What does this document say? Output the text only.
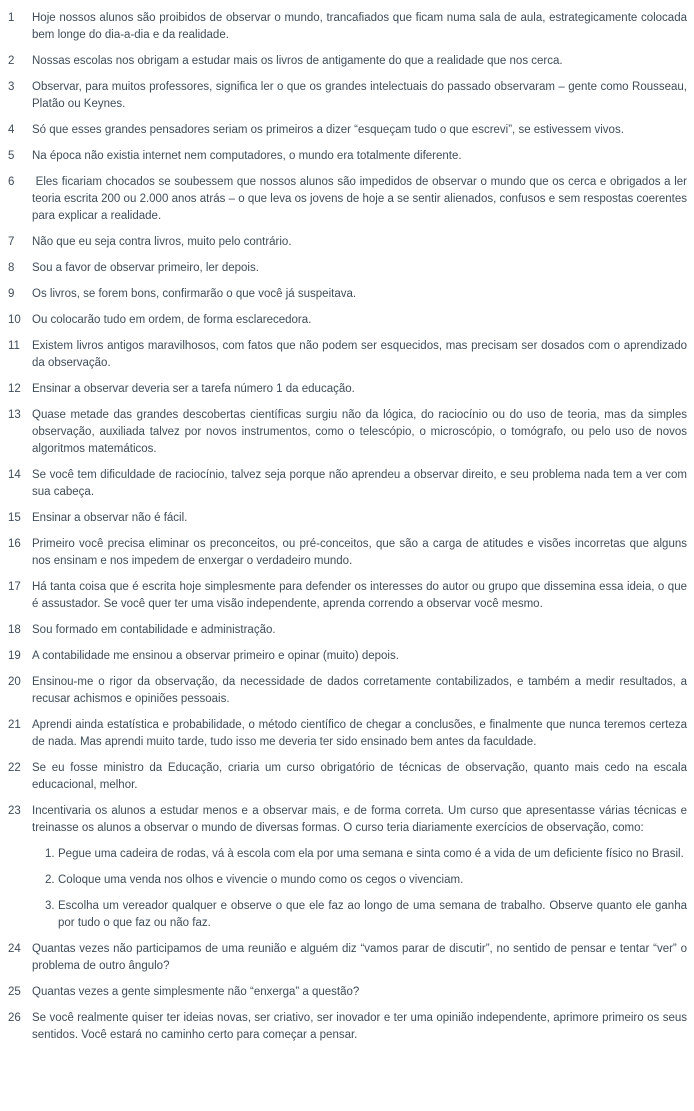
1	Hoje nossos alunos são proibidos de observar o mundo, trancafiados que ficam numa sala de aula, estrategicamente colocada bem longe do dia-a-dia e da realidade.
2	Nossas escolas nos obrigam a estudar mais os livros de antigamente do que a realidade que nos cerca.
3	Observar, para muitos professores, significa ler o que os grandes intelectuais do passado observaram – gente como Rousseau, Platão ou Keynes.
4	Só que esses grandes pensadores seriam os primeiros a dizer “esqueçam tudo o que escrevi”, se estivessem vivos.
5	Na época não existia internet nem computadores, o mundo era totalmente diferente.
6	Eles ficariam chocados se soubessem que nossos alunos são impedidos de observar o mundo que os cerca e obrigados a ler teoria escrita 200 ou 2.000 anos atrás – o que leva os jovens de hoje a se sentir alienados, confusos e sem respostas coerentes para explicar a realidade.
7	Não que eu seja contra livros, muito pelo contrário.
8	Sou a favor de observar primeiro, ler depois.
9	Os livros, se forem bons, confirmarão o que você já suspeitava.
10 Ou colocarão tudo em ordem, de forma esclarecedora.
11	Existem livros antigos maravilhosos, com fatos que não podem ser esquecidos, mas precisam ser dosados com o aprendizado da observação.
12 Ensinar a observar deveria ser a tarefa número 1 da educação.
13 Quase metade das grandes descobertas científicas surgiu não da lógica, do raciocínio ou do uso de teoria, mas da simples observação, auxiliada talvez por novos instrumentos, como o telescópio, o microscópio, o tomógrafo, ou pelo uso de novos algoritmos matemáticos.
14 Se você tem dificuldade de raciocínio, talvez seja porque não aprendeu a observar direito, e seu problema nada tem a ver com sua cabeça.
15 Ensinar a observar não é fácil.
16 Primeiro você precisa eliminar os preconceitos, ou pré-conceitos, que são a carga de atitudes e visões incorretas que alguns nos ensinam e nos impedem de enxergar o verdadeiro mundo.
17 Há tanta coisa que é escrita hoje simplesmente para defender os interesses do autor ou grupo que dissemina essa ideia, o que é assustador. Se você quer ter uma visão independente, aprenda correndo a observar você mesmo.
18 Sou formado em contabilidade e administração.
19 A contabilidade me ensinou a observar primeiro e opinar (muito) depois.
20 Ensinou-me o rigor da observação, da necessidade de dados corretamente contabilizados, e também a medir resultados, a recusar achismos e opiniões pessoais.
21 Aprendi ainda estatística e probabilidade, o método científico de chegar a conclusões, e finalmente que nunca teremos certeza de nada. Mas aprendi muito tarde, tudo isso me deveria ter sido ensinado bem antes da faculdade.
22 Se eu fosse ministro da Educação, criaria um curso obrigatório de técnicas de observação, quanto mais cedo na escala educacional, melhor.
23 Incentivaria os alunos a estudar menos e a observar mais, e de forma correta. Um curso que apresentasse várias técnicas e treinasse os alunos a observar o mundo de diversas formas. O curso teria diariamente exercícios de observação, como:
1. Pegue uma cadeira de rodas, vá à escola com ela por uma semana e sinta como é a vida de um deficiente físico no Brasil.
2. Coloque uma venda nos olhos e vivencie o mundo como os cegos o vivenciam.
3. Escolha um vereador qualquer e observe o que ele faz ao longo de uma semana de trabalho. Observe quanto ele ganha por tudo o que faz ou não faz.
24 Quantas vezes não participamos de uma reunião e alguém diz “vamos parar de discutir”, no sentido de pensar e tentar “ver” o problema de outro ângulo?
25 Quantas vezes a gente simplesmente não “enxerga” a questão?
26 Se você realmente quiser ter ideias novas, ser criativo, ser inovador e ter uma opinião independente, aprimore primeiro os seus sentidos. Você estará no caminho certo para começar a pensar.
